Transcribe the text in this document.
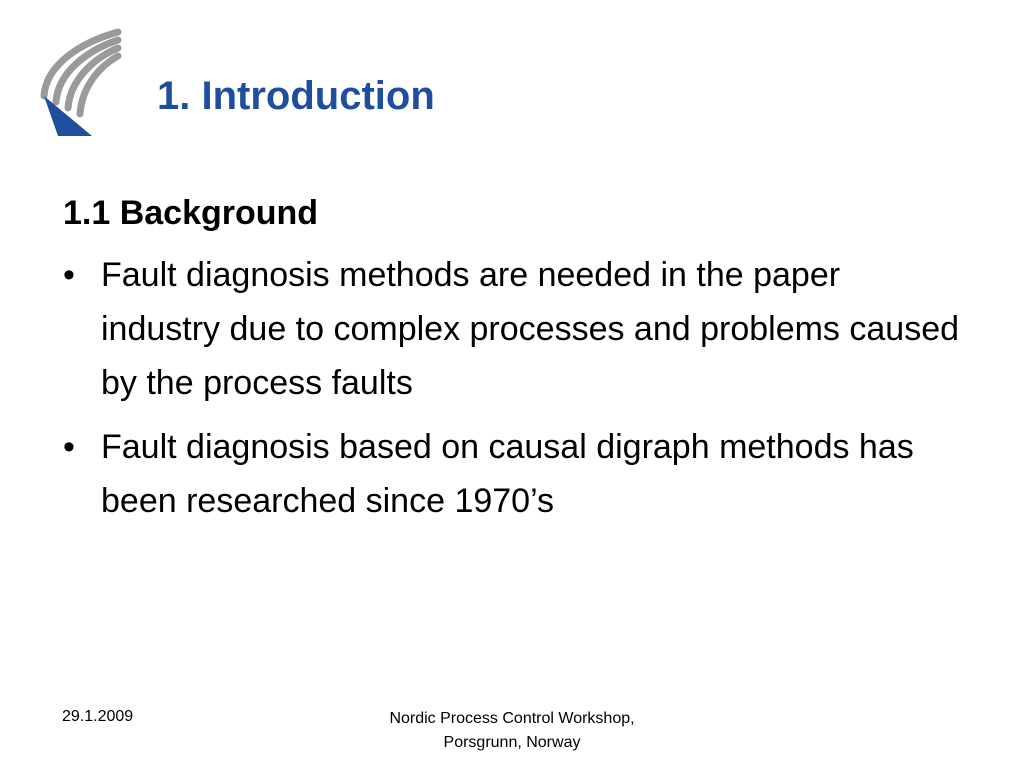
1. Introduction
1.1 Background
• Fault diagnosis methods are needed in the paper industry due to complex processes and problems caused by the process faults
• Fault diagnosis based on causal digraph methods has been researched since 1970’s
29.1.2009	Nordic Process Control Workshop,
Porsgrunn, Norway
